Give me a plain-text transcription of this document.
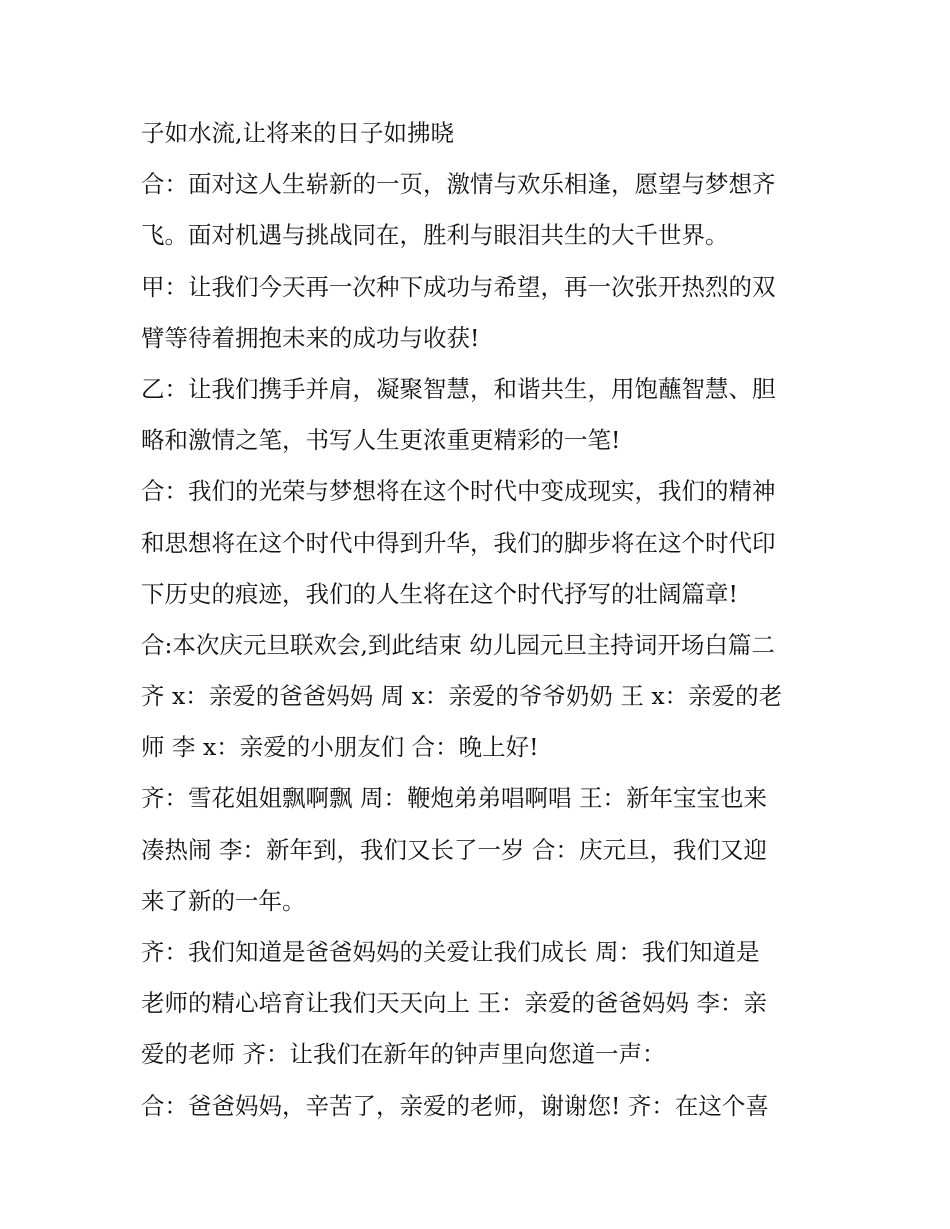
子如水流,让将来的日子如拂晓

合：面对这人生崭新的一页，激情与欢乐相逢，愿望与梦想齐

飞。面对机遇与挑战同在，胜利与眼泪共生的大千世界。

甲：让我们今天再一次种下成功与希望，再一次张开热烈的双

臂等待着拥抱未来的成功与收获!

乙：让我们携手并肩，凝聚智慧，和谐共生，用饱蘸智慧、胆

略和激情之笔，书写人生更浓重更精彩的一笔!

合：我们的光荣与梦想将在这个时代中变成现实，我们的精神

和思想将在这个时代中得到升华，我们的脚步将在这个时代印

下历史的痕迹，我们的人生将在这个时代抒写的壮阔篇章!

合:本次庆元旦联欢会,到此结束 幼儿园元旦主持词开场白篇二

齐 x：亲爱的爸爸妈妈 周 x：亲爱的爷爷奶奶 王 x：亲爱的老

师 李 x：亲爱的小朋友们 合：晚上好!

齐：雪花姐姐飘啊飘 周：鞭炮弟弟唱啊唱 王：新年宝宝也来

凑热闹 李：新年到，我们又长了一岁 合：庆元旦，我们又迎

来了新的一年。

齐：我们知道是爸爸妈妈的关爱让我们成长 周：我们知道是

老师的精心培育让我们天天向上 王：亲爱的爸爸妈妈 李：亲

爱的老师 齐：让我们在新年的钟声里向您道一声：

合：爸爸妈妈，辛苦了，亲爱的老师，谢谢您! 齐：在这个喜
